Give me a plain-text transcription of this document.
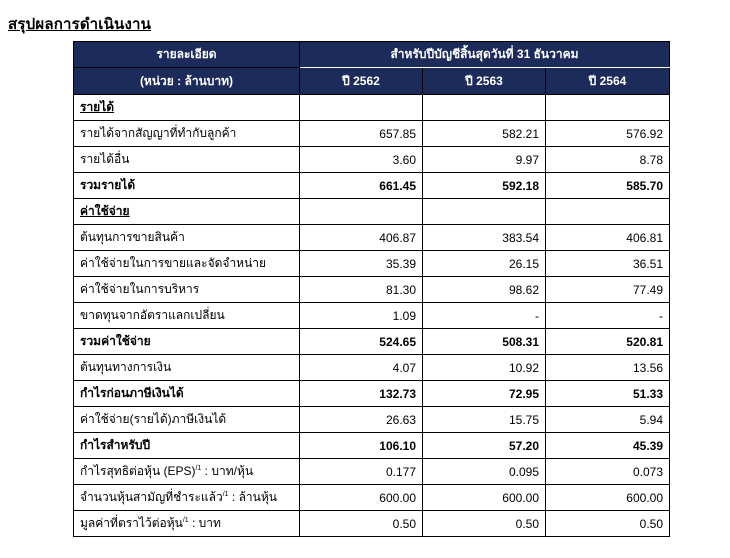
สรุปผลการดำเนินงาน
รายละเอียด	สำหรับปีบัญชีสิ้นสุดวันที่ 31 ธันวาคม		
(หน่วย : ล้านบาท)	ปี 2562	ปี 2563	ปี 2564
รายได้			
รายได้จากสัญญาที่ทำกับลูกค้า	657.85	582.21	576.92
รายได้อื่น	3.60	9.97	8.78
รวมรายได้	661.45	592.18	585.70
ค่าใช้จ่าย			
ต้นทุนการขายสินค้า	406.87	383.54	406.81
ค่าใช้จ่ายในการขายและจัดจำหน่าย	35.39	26.15	36.51
ค่าใช้จ่ายในการบริหาร	81.30	98.62	77.49
ขาดทุนจากอัตราแลกเปลี่ยน	1.09	-	-
รวมค่าใช้จ่าย	524.65	508.31	520.81
ต้นทุนทางการเงิน	4.07	10.92	13.56
กำไรก่อนภาษีเงินได้	132.73	72.95	51.33
ค่าใช้จ่าย(รายได้)ภาษีเงินได้	26.63	15.75	5.94
กำไรสำหรับปี	106.10	57.20	45.39
กำไรสุทธิต่อหุ้น (EPS)$^{/1}$ : บาท/หุ้น	0.177	0.095	0.073
จำนวนหุ้นสามัญที่ชำระแล้ว$^{/1}$ : ล้านหุ้น	600.00	600.00	600.00
มูลค่าที่ตราไว้ต่อหุ้น$^{/1}$ : บาท	0.50	0.50	0.50
